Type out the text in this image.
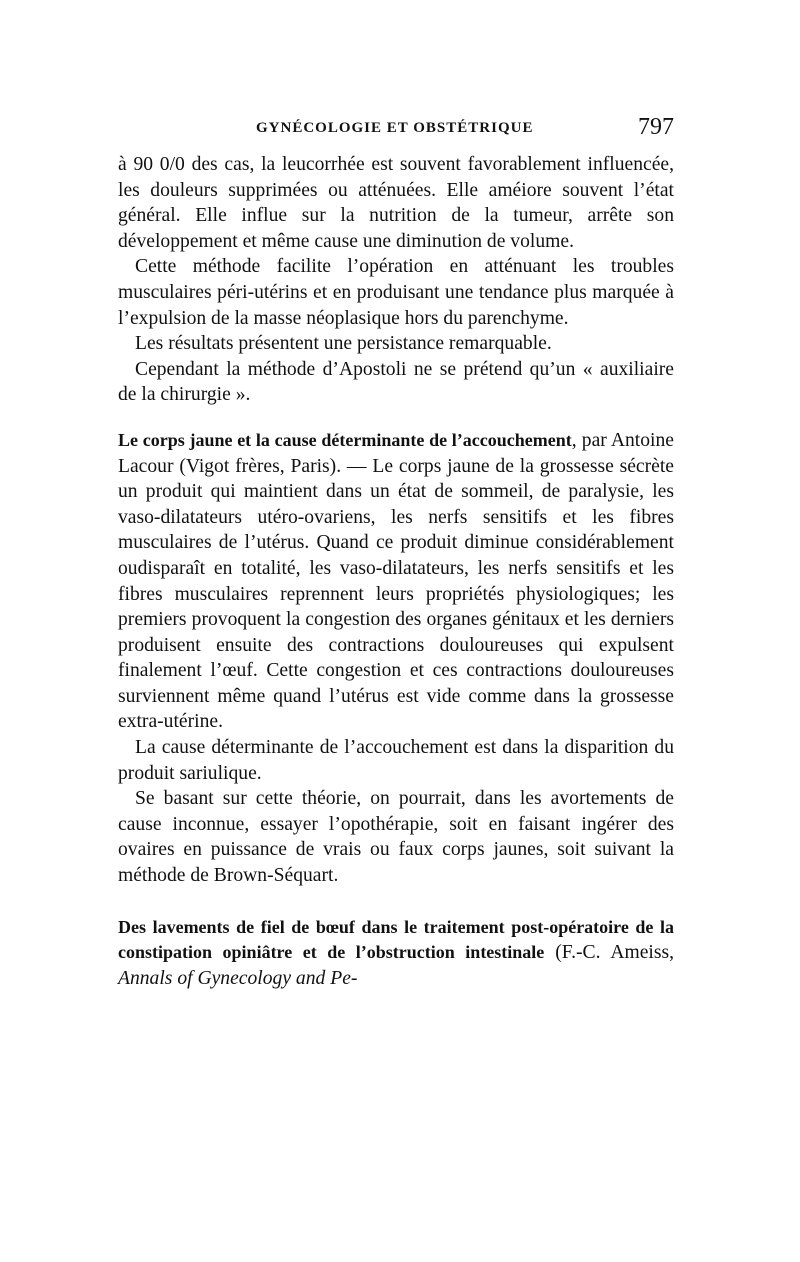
GYNÉCOLOGIE ET OBSTÉTRIQUE	797

à 90 0/0 des cas, la leucorrhée est souvent favorablement influencée, les douleurs supprimées ou atténuées. Elle améiore souvent l’état général. Elle influe sur la nutrition de la tumeur, arrête son développement et même cause une diminution de volume.

Cette méthode facilite l’opération en atténuant les troubles musculaires péri-utérins et en produisant une tendance plus marquée à l’expulsion de la masse néoplasique hors du parenchyme.

Les résultats présentent une persistance remarquable.

Cependant la méthode d’Apostoli ne se prétend qu’un « auxiliaire de la chirurgie ».

Le corps jaune et la cause déterminante de l’accouchement, par Antoine Lacour (Vigot frères, Paris). — Le corps jaune de la grossesse sécrète un produit qui maintient dans un état de sommeil, de paralysie, les vaso-dilatateurs utéro-ovariens, les nerfs sensitifs et les fibres musculaires de l’utérus. Quand ce produit diminue considérablement oudisparaît en totalité, les vaso-dilatateurs, les nerfs sensitifs et les fibres musculaires reprennent leurs propriétés physiologiques; les premiers provoquent la congestion des organes génitaux et les derniers produisent ensuite des contractions douloureuses qui expulsent finalement l’œuf. Cette congestion et ces contractions douloureuses surviennent même quand l’utérus est vide comme dans la grossesse extra-utérine.

La cause déterminante de l’accouchement est dans la disparition du produit sariulique.

Se basant sur cette théorie, on pourrait, dans les avortements de cause inconnue, essayer l’opothérapie, soit en faisant ingérer des ovaires en puissance de vrais ou faux corps jaunes, soit suivant la méthode de Brown-Séquart.

Des lavements de fiel de bœuf dans le traitement post-opératoire de la constipation opiniâtre et de l’obstruction intestinale (F.-C. Ameiss, Annals of Gynecology and Pe-
